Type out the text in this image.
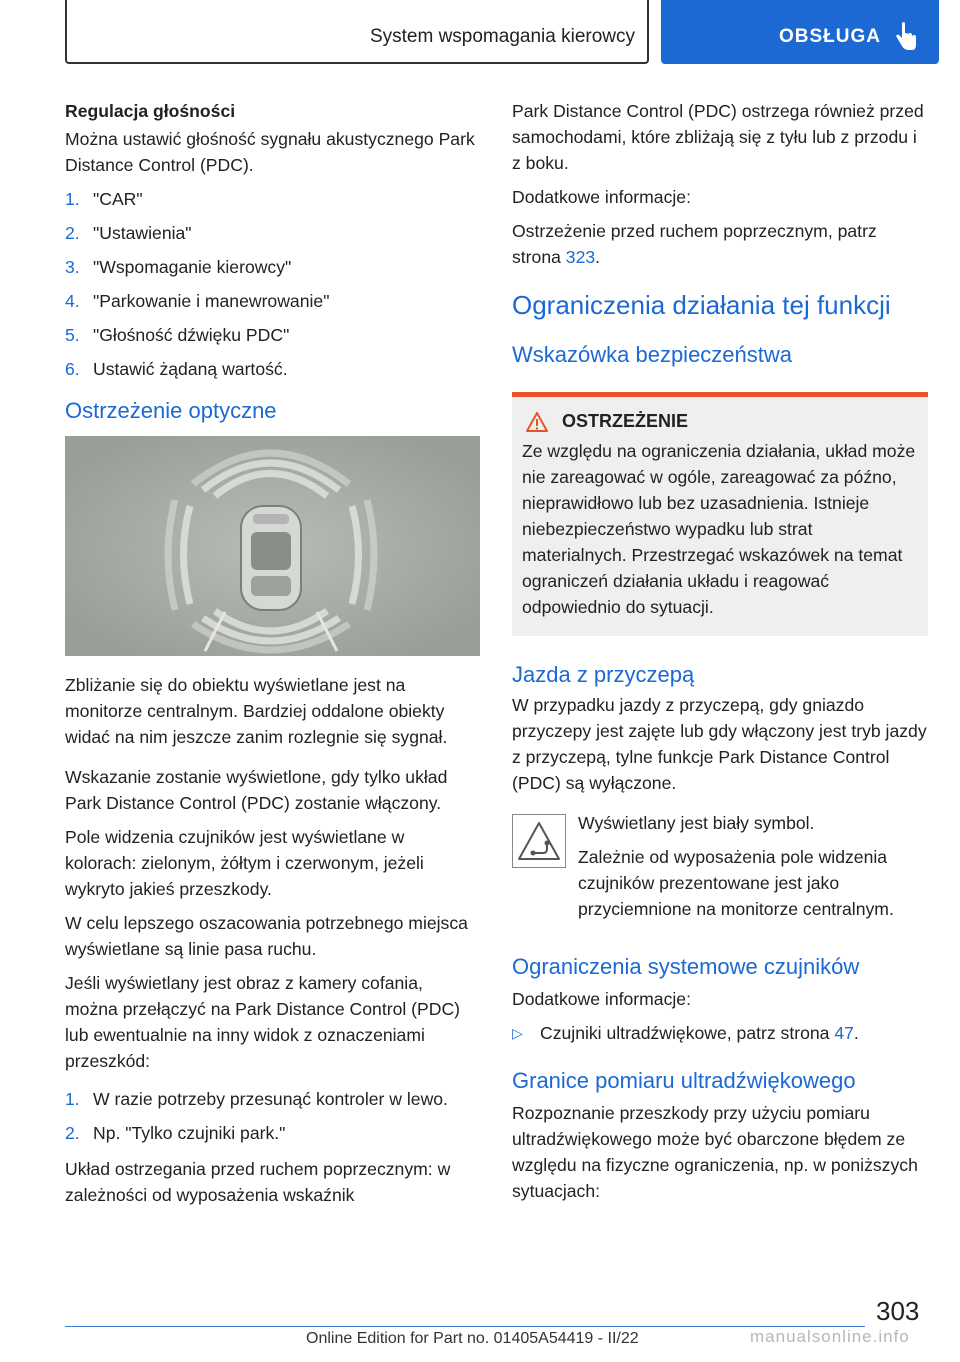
System wspomagania kierowcy	OBSŁUGA

Regulacja głośności

Można ustawić głośność sygnału akustycznego Park Distance Control (PDC).

1. "CAR"
2. "Ustawienia"
3. "Wspomaganie kierowcy"
4. "Parkowanie i manewrowanie"
5. "Głośność dźwięku PDC"
6. Ustawić żądaną wartość.
Ostrzeżenie optyczne

Zbliżanie się do obiektu wyświetlane jest na monitorze centralnym. Bardziej oddalone obiekty widać na nim jeszcze zanim rozlegnie się sygnał.

Wskazanie zostanie wyświetlone, gdy tylko układ Park Distance Control (PDC) zostanie włączony.

Pole widzenia czujników jest wyświetlane w kolorach: zielonym, żółtym i czerwonym, jeżeli wykryto jakieś przeszkody.

W celu lepszego oszacowania potrzebnego miejsca wyświetlane są linie pasa ruchu.

Jeśli wyświetlany jest obraz z kamery cofania, można przełączyć na Park Distance Control (PDC) lub ewentualnie na inny widok z oznaczeniami przeszkód:

1. W razie potrzeby przesunąć kontroler w lewo.
2. Np. "Tylko czujniki park."

Układ ostrzegania przed ruchem poprzecznym: w zależności od wyposażenia wskaźnik

Park Distance Control (PDC) ostrzega również przed samochodami, które zbliżają się z tyłu lub z przodu i z boku.

Dodatkowe informacje:

Ostrzeżenie przed ruchem poprzecznym, patrz strona 323.

Ograniczenia działania tej funkcji
Wskazówka bezpieczeństwa
OSTRZEŻENIE

Ze względu na ograniczenia działania, układ może nie zareagować w ogóle, zareagować za późno, nieprawidłowo lub bez uzasadnienia. Istnieje niebezpieczeństwo wypadku lub strat materialnych. Przestrzegać wskazówek na temat ograniczeń działania układu i reagować odpowiednio do sytuacji.

Jazda z przyczepą

W przypadku jazdy z przyczepą, gdy gniazdo przyczepy jest zajęte lub gdy włączony jest tryb jazdy z przyczepą, tylne funkcje Park Distance Control (PDC) są wyłączone.

Wyświetlany jest biały symbol.

Zależnie od wyposażenia pole widzenia czujników prezentowane jest jako przyciemnione na monitorze centralnym.

Ograniczenia systemowe czujników

Dodatkowe informacje:

▷ Czujniki ultradźwiękowe, patrz strona 47.
Granice pomiaru ultradźwiękowego

Rozpoznanie przeszkody przy użyciu pomiaru ultradźwiękowego może być obarczone błędem ze względu na fizyczne ograniczenia, np. w poniższych sytuacjach:

303
Online Edition for Part no. 01405A54419 - II/22	manualsonline.info
